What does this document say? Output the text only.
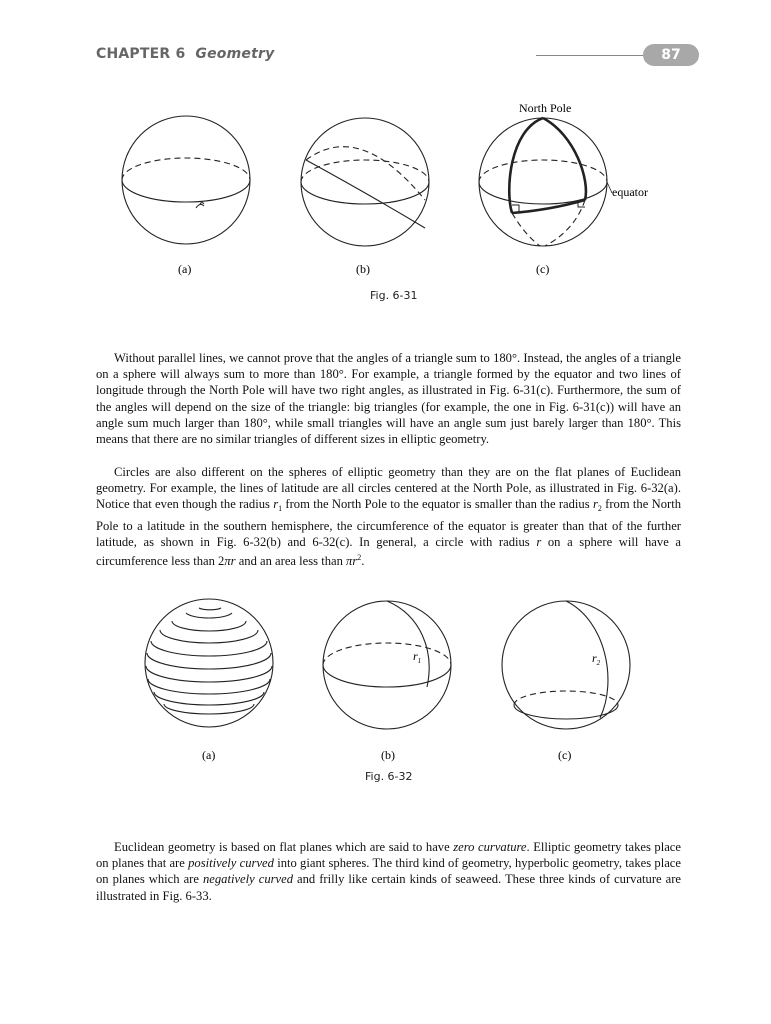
CHAPTER 6 Geometry	87
North Pole
equator
(a)	(b)	(c)
Fig. 6-31

Without parallel lines, we cannot prove that the angles of a triangle sum to 180°. Instead, the angles of a triangle on a sphere will always sum to more than 180°. For example, a triangle formed by the equator and two lines of longitude through the North Pole will have two right angles, as illustrated in Fig. 6-31(c). Furthermore, the sum of the angles will depend on the size of the triangle: big triangles (for example, the one in Fig. 6-31(c)) will have an angle sum much larger than 180°, while small triangles will have an angle sum just barely larger than 180°. This means that there are no similar triangles of different sizes in elliptic geometry.

Circles are also different on the spheres of elliptic geometry than they are on the flat planes of Euclidean geometry. For example, the lines of latitude are all circles centered at the North Pole, as illustrated in Fig. 6-32(a). Notice that even though the radius $r_1$ from the North Pole to the equator is smaller than the radius $r_2$ from the North Pole to a latitude in the southern hemisphere, the circumference of the equator is greater than that of the further latitude, as shown in Fig. 6-32(b) and 6-32(c). In general, a circle with radius r on a sphere will have a circumference less than 2πr and an area less than $\pi r^2$.

$r_1$	$r_2$
(a)	(b)	(c)
Fig. 6-32

Euclidean geometry is based on flat planes which are said to have zero curvature. Elliptic geometry takes place on planes that are positively curved into giant spheres. The third kind of geometry, hyperbolic geometry, takes place on planes which are negatively curved and frilly like certain kinds of seaweed. These three kinds of curvature are illustrated in Fig. 6-33.
